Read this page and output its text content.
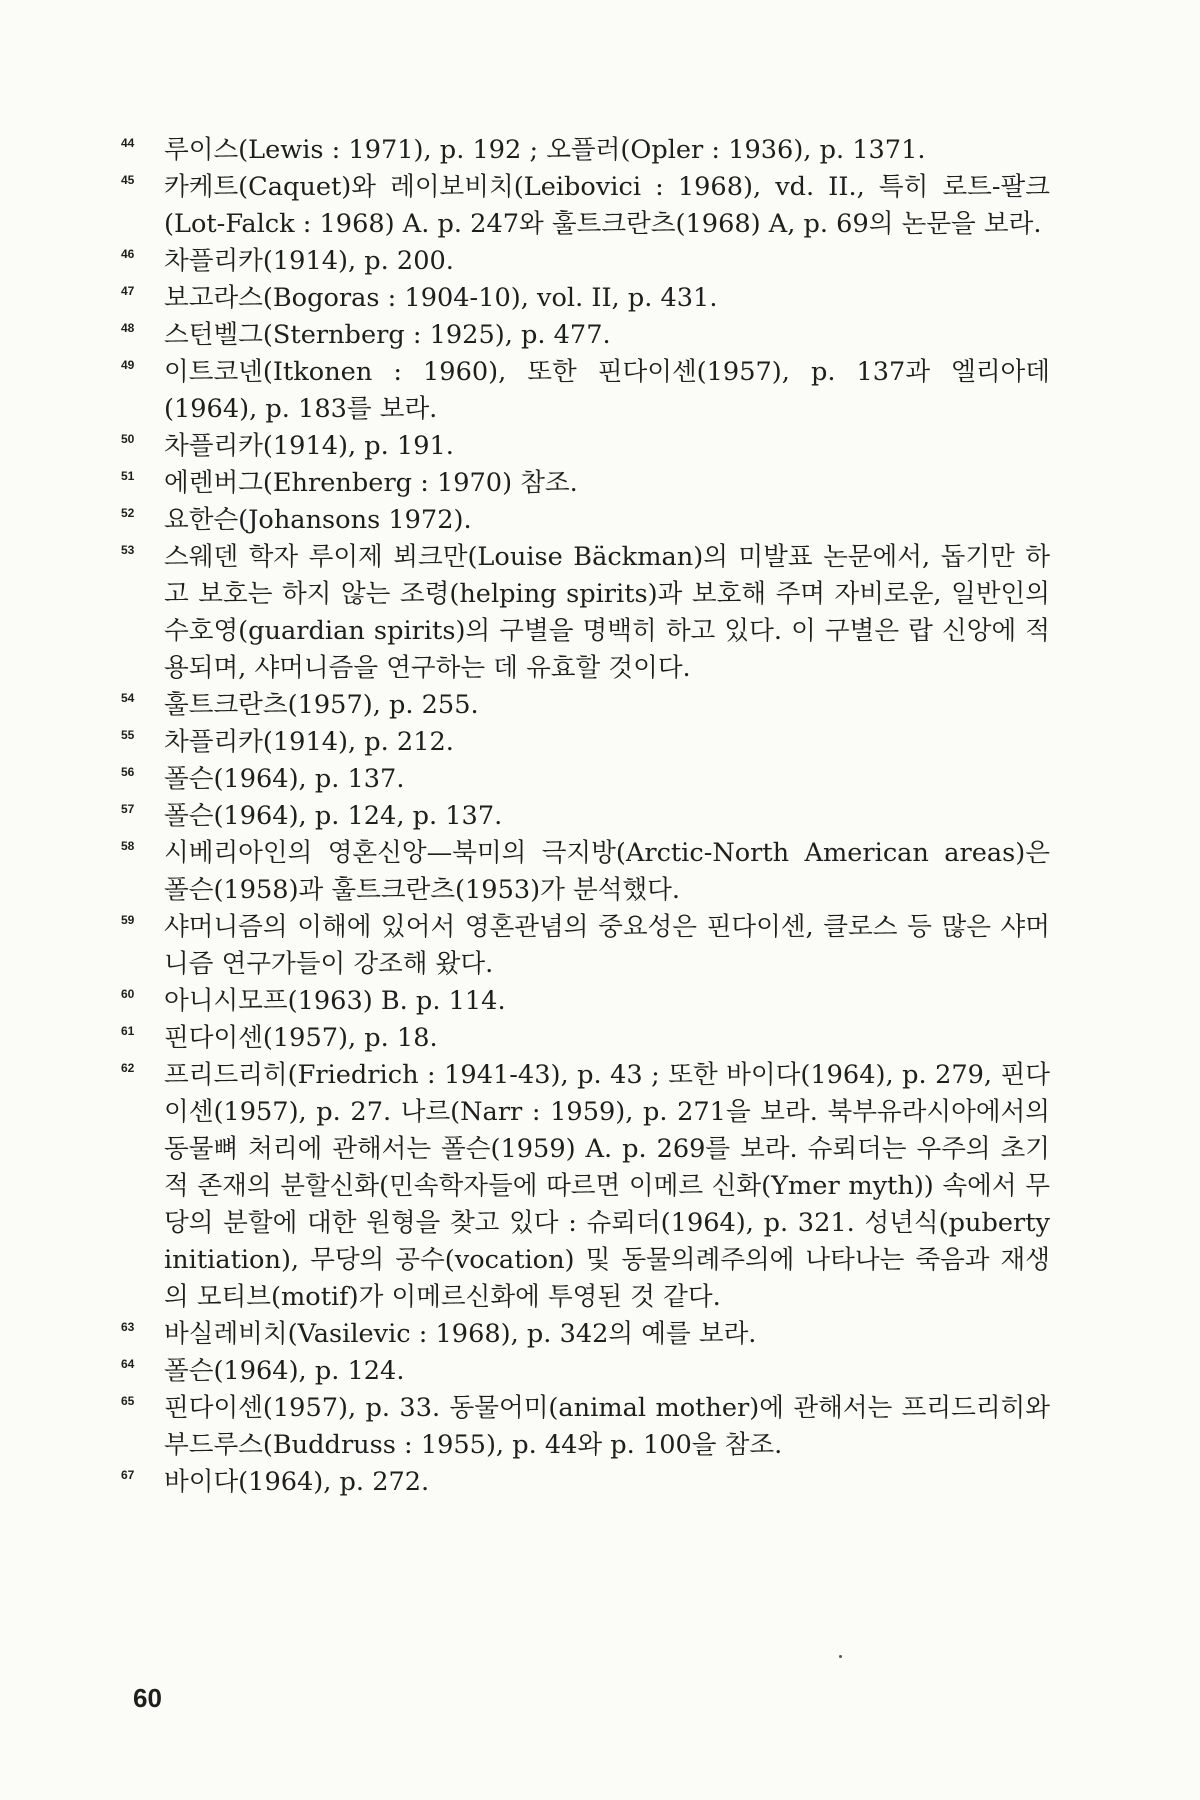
44 루이스(Lewis : 1971), p. 192 ; 오플러(Opler : 1936), p. 1371.
45 카케트(Caquet)와 레이보비치(Leibovici : 1968), vd. II., 특히 로트-팔크 (Lot-Falck : 1968) A. p. 247와 훌트크란츠(1968) A, p. 69의 논문을 보라.
46 차플리카(1914), p. 200.
47 보고라스(Bogoras : 1904-10), vol. II, p. 431.
48 스턴벨그(Sternberg : 1925), p. 477.
49 이트코넨(Itkonen : 1960), 또한 핀다이센(1957), p. 137과 엘리아데 (1964), p. 183를 보라.
50 차플리카(1914), p. 191.
51 에렌버그(Ehrenberg : 1970) 참조.
52 요한슨(Johansons 1972).
53 스웨덴 학자 루이제 뵈크만(Louise Bäckman)의 미발표 논문에서, 돕기만 하고 보호는 하지 않는 조령(helping spirits)과 보호해 주며 자비로운, 일반인의 수호영(guardian spirits)의 구별을 명백히 하고 있다. 이 구별은 랍 신앙에 적용되며, 샤머니즘을 연구하는 데 유효할 것이다.
54 훌트크란츠(1957), p. 255.
55 차플리카(1914), p. 212.
56 폴슨(1964), p. 137.
57 폴슨(1964), p. 124, p. 137.
58 시베리아인의 영혼신앙—북미의 극지방(Arctic-North American areas)은 폴슨(1958)과 훌트크란츠(1953)가 분석했다.
59 샤머니즘의 이해에 있어서 영혼관념의 중요성은 핀다이센, 클로스 등 많은 샤머니즘 연구가들이 강조해 왔다.
60 아니시모프(1963) B. p. 114.
61 핀다이센(1957), p. 18.
62 프리드리히(Friedrich : 1941-43), p. 43 ; 또한 바이다(1964), p. 279, 핀다이센(1957), p. 27. 나르(Narr : 1959), p. 271을 보라. 북부유라시아에서의 동물뼈 처리에 관해서는 폴슨(1959) A. p. 269를 보라. 슈뢰더는 우주의 초기적 존재의 분할신화(민속학자들에 따르면 이메르 신화(Ymer myth)) 속에서 무당의 분할에 대한 원형을 찾고 있다 : 슈뢰더(1964), p. 321. 성년식(puberty initiation), 무당의 공수(vocation) 및 동물의례주의에 나타나는 죽음과 재생의 모티브(motif)가 이메르신화에 투영된 것 같다.
63 바실레비치(Vasilevic : 1968), p. 342의 예를 보라.
64 폴슨(1964), p. 124.
65 핀다이센(1957), p. 33. 동물어미(animal mother)에 관해서는 프리드리히와 부드루스(Buddruss : 1955), p. 44와 p. 100을 참조.
67 바이다(1964), p. 272.
60
